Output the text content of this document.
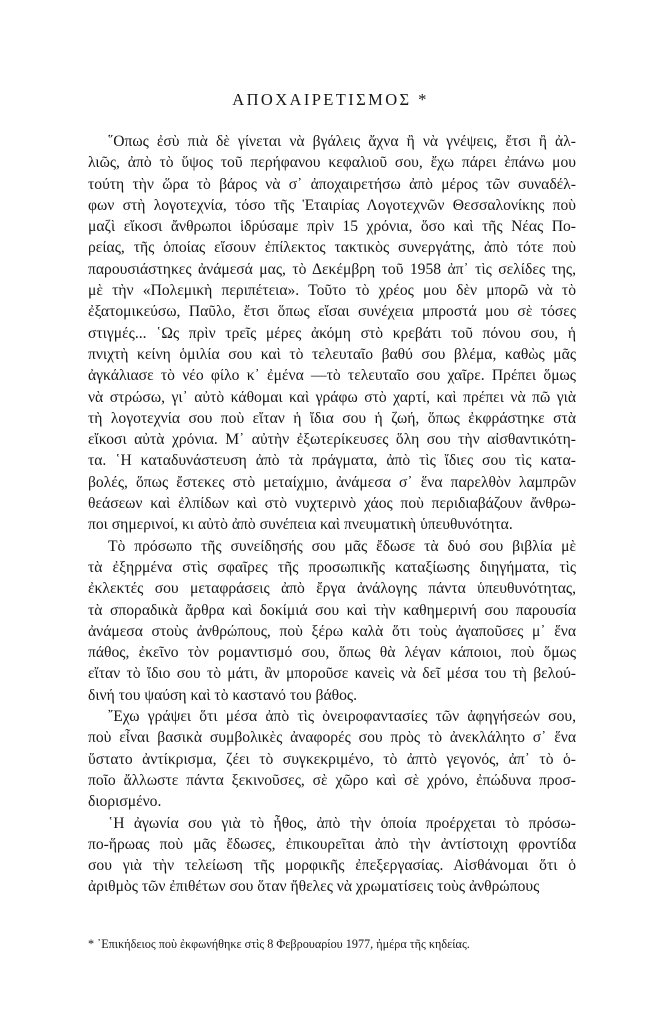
ΑΠΟΧΑΙΡΕΤΙΣΜΟΣ *
῞Οπως ἐσὺ πιὰ δὲ γίνεται νὰ βγάλεις ἄχνα ἢ νὰ γνέψεις, ἔτσι ἢ ἀλ-
λιῶς, ἀπὸ τὸ ὕψος τοῦ περήφανου κεφαλιοῦ σου, ἔχω πάρει ἐπάνω μου
τούτη τὴν ὥρα τὸ βάρος νὰ σ᾿ ἀποχαιρετήσω ἀπὸ μέρος τῶν συναδέλ-
φων στὴ λογοτεχνία, τόσο τῆς Ἑταιρίας Λογοτεχνῶν Θεσσαλονίκης ποὺ
μαζὶ εἴκοσι ἄνθρωποι ἱδρύσαμε πρὶν 15 χρόνια, ὅσο καὶ τῆς Νέας Πο-
ρείας, τῆς ὁποίας εἴσουν ἐπίλεκτος τακτικὸς συνεργάτης, ἀπὸ τότε ποὺ
παρουσιάστηκες ἀνάμεσά μας, τὸ Δεκέμβρη τοῦ 1958 ἀπ᾿ τὶς σελίδες της,
μὲ τὴν «Πολεμικὴ περιπέτεια». Τοῦτο τὸ χρέος μου δὲν μπορῶ νὰ τὸ
ἐξατομικεύσω, Παῦλο, ἔτσι ὅπως εἴσαι συνέχεια μπροστά μου σὲ τόσες
στιγμές... ῾Ως πρὶν τρεῖς μέρες ἀκόμη στὸ κρεβάτι τοῦ πόνου σου, ἡ
πνιχτὴ κείνη ὁμιλία σου καὶ τὸ τελευταῖο βαθύ σου βλέμα, καθὼς μᾶς
ἀγκάλιασε τὸ νέο φίλο κ᾿ ἐμένα —τὸ τελευταῖο σου χαῖρε. Πρέπει ὅμως
νὰ στρώσω, γι᾿ αὐτὸ κάθομαι καὶ γράφω στὸ χαρτί, καὶ πρέπει νὰ πῶ γιὰ
τὴ λογοτεχνία σου ποὺ εἴταν ἡ ἴδια σου ἡ ζωή, ὅπως ἐκφράστηκε στὰ
εἴκοσι αὐτὰ χρόνια. Μ᾿ αὐτὴν ἐξωτερίκευσες ὅλη σου τὴν αἰσθαντικότη-
τα. ῾Η καταδυνάστευση ἀπὸ τὰ πράγματα, ἀπὸ τὶς ἴδιες σου τὶς κατα-
βολές, ὅπως ἔστεκες στὸ μεταίχμιο, ἀνάμεσα σ᾿ ἕνα παρελθὸν λαμπρῶν
θεάσεων καὶ ἐλπίδων καὶ στὸ νυχτερινὸ χάος ποὺ περιδιαβάζουν ἄνθρω-
ποι σημερινοί, κι αὐτὸ ἀπὸ συνέπεια καὶ πνευματικὴ ὑπευθυνότητα.
Τὸ πρόσωπο τῆς συνείδησής σου μᾶς ἔδωσε τὰ δυό σου βιβλία μὲ
τὰ ἐξηρμένα στὶς σφαῖρες τῆς προσωπικῆς καταξίωσης διηγήματα, τὶς
ἐκλεκτές σου μεταφράσεις ἀπὸ ἔργα ἀνάλογης πάντα ὑπευθυνότητας,
τὰ σποραδικὰ ἄρθρα καὶ δοκίμιά σου καὶ τὴν καθημερινή σου παρουσία
ἀνάμεσα στοὺς ἀνθρώπους, ποὺ ξέρω καλὰ ὅτι τοὺς ἀγαποῦσες μ᾿ ἕνα
πάθος, ἐκεῖνο τὸν ρομαντισμό σου, ὅπως θὰ λέγαν κάποιοι, ποὺ ὅμως
εἴταν τὸ ἴδιο σου τὸ μάτι, ἂν μποροῦσε κανεὶς νὰ δεῖ μέσα του τὴ βελού-
δινή του ψαύση καὶ τὸ καστανό του βάθος.
῎Εχω γράψει ὅτι μέσα ἀπὸ τὶς ὀνειροφαντασίες τῶν ἀφηγήσεών σου,
ποὺ εἶναι βασικὰ συμβολικὲς ἀναφορές σου πρὸς τὸ ἀνεκλάλητο σ᾿ ἕνα
ὕστατο ἀντίκρισμα, ζέει τὸ συγκεκριμένο, τὸ ἀπτὸ γεγονός, ἀπ᾿ τὸ ὁ-
ποῖο ἄλλωστε πάντα ξεκινοῦσες, σὲ χῶρο καὶ σὲ χρόνο, ἐπώδυνα προσ-
διορισμένο.
῾Η ἀγωνία σου γιὰ τὸ ἦθος, ἀπὸ τὴν ὁποία προέρχεται τὸ πρόσω-
πο-ἥρωας ποὺ μᾶς ἔδωσες, ἐπικουρεῖται ἀπὸ τὴν ἀντίστοιχη φροντίδα
σου γιὰ τὴν τελείωση τῆς μορφικῆς ἐπεξεργασίας. Αἰσθάνομαι ὅτι ὁ
ἀριθμὸς τῶν ἐπιθέτων σου ὅταν ἤθελες νὰ χρωματίσεις τοὺς ἀνθρώπους
* ᾿Επικήδειος ποὺ ἐκφωνήθηκε στὶς 8 Φεβρουαρίου 1977, ἡμέρα τῆς κηδείας.
